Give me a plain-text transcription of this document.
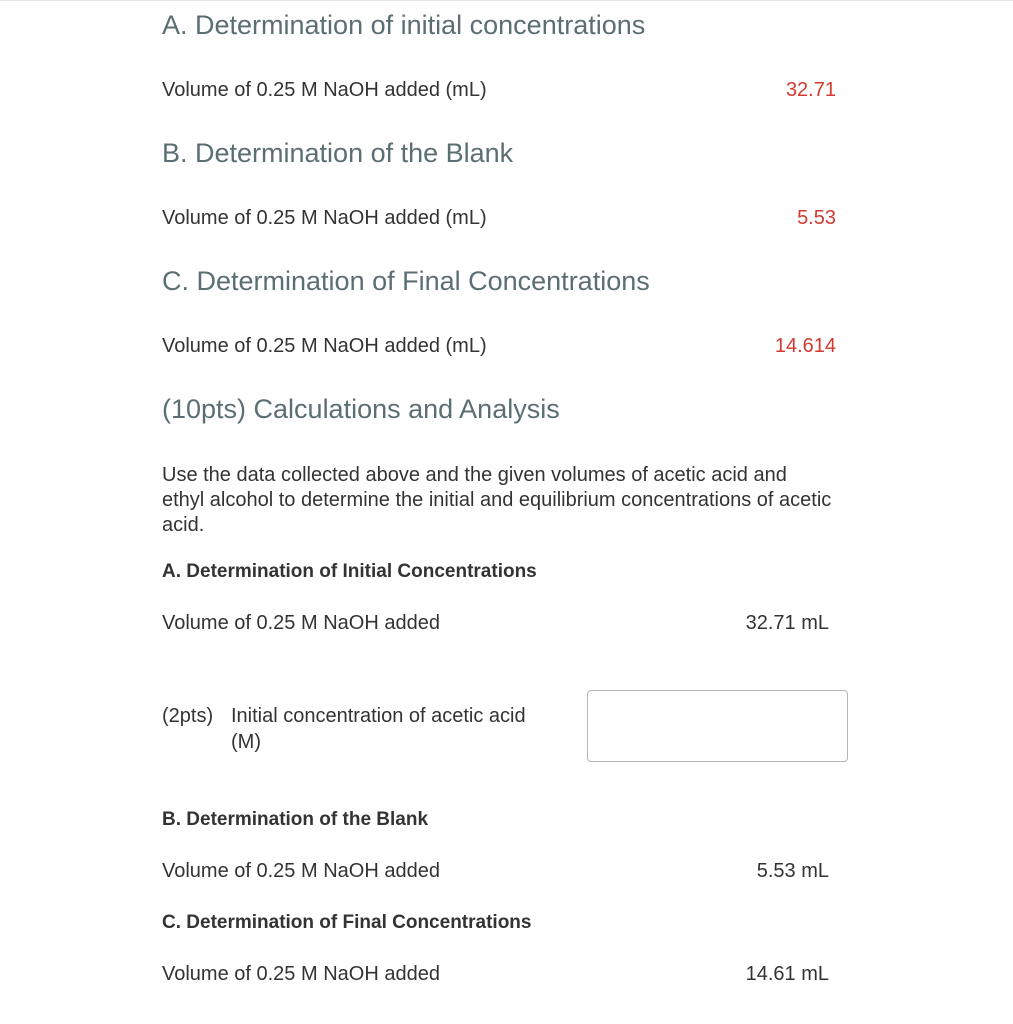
A. Determination of initial concentrations
Volume of 0.25 M NaOH added (mL)	32.71
B. Determination of the Blank
Volume of 0.25 M NaOH added (mL)	5.53
C. Determination of Final Concentrations
Volume of 0.25 M NaOH added (mL)	14.614
(10pts) Calculations and Analysis
Use the data collected above and the given volumes of acetic acid and ethyl alcohol to determine the initial and equilibrium concentrations of acetic acid.
A. Determination of Initial Concentrations
Volume of 0.25 M NaOH added	32.71 mL
(2pts) Initial concentration of acetic acid
(M)
B. Determination of the Blank
Volume of 0.25 M NaOH added	5.53 mL
C. Determination of Final Concentrations
Volume of 0.25 M NaOH added	14.61 mL
